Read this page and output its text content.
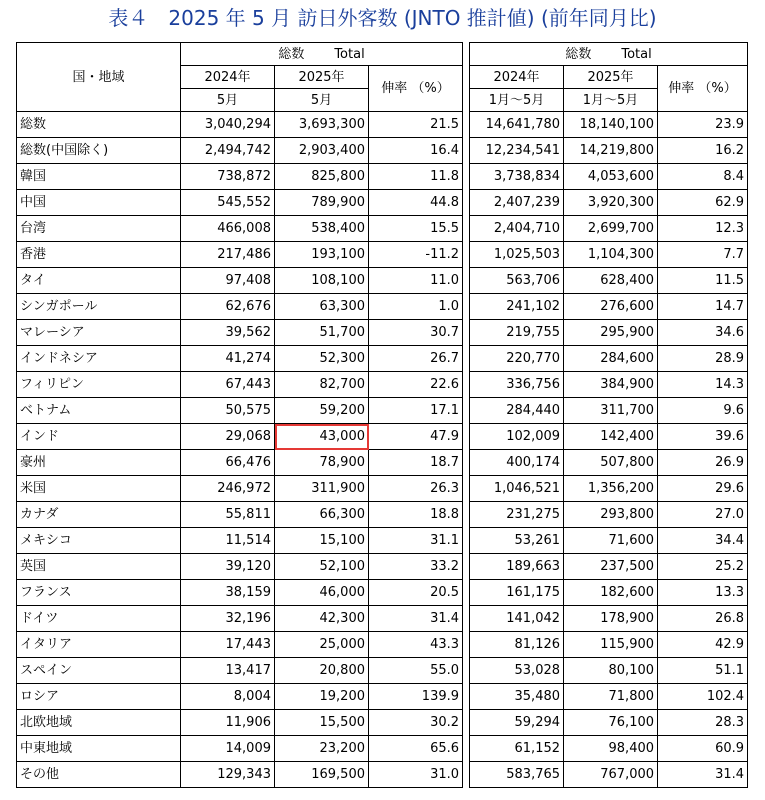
表４　2025 年 5 月 訪日外客数 (JNTO 推計値) (前年同月比)
国・地域	総数 Total				総数 Total		
	2024年	2025年	伸率 （%）		2024年	2025年	伸率 （%）
	5月	5月			1月～5月	1月～5月	
総数	3,040,294	3,693,300	21.5		14,641,780	18,140,100	23.9
総数(中国除く)	2,494,742	2,903,400	16.4		12,234,541	14,219,800	16.2
韓国	738,872	825,800	11.8		3,738,834	4,053,600	8.4
中国	545,552	789,900	44.8		2,407,239	3,920,300	62.9
台湾	466,008	538,400	15.5		2,404,710	2,699,700	12.3
香港	217,486	193,100	-11.2		1,025,503	1,104,300	7.7
タイ	97,408	108,100	11.0		563,706	628,400	11.5
シンガポール	62,676	63,300	1.0		241,102	276,600	14.7
マレーシア	39,562	51,700	30.7		219,755	295,900	34.6
インドネシア	41,274	52,300	26.7		220,770	284,600	28.9
フィリピン	67,443	82,700	22.6		336,756	384,900	14.3
ベトナム	50,575	59,200	17.1		284,440	311,700	9.6
インド	29,068	43,000	47.9		102,009	142,400	39.6
豪州	66,476	78,900	18.7		400,174	507,800	26.9
米国	246,972	311,900	26.3		1,046,521	1,356,200	29.6
カナダ	55,811	66,300	18.8		231,275	293,800	27.0
メキシコ	11,514	15,100	31.1		53,261	71,600	34.4
英国	39,120	52,100	33.2		189,663	237,500	25.2
フランス	38,159	46,000	20.5		161,175	182,600	13.3
ドイツ	32,196	42,300	31.4		141,042	178,900	26.8
イタリア	17,443	25,000	43.3		81,126	115,900	42.9
スペイン	13,417	20,800	55.0		53,028	80,100	51.1
ロシア	8,004	19,200	139.9		35,480	71,800	102.4
北欧地域	11,906	15,500	30.2		59,294	76,100	28.3
中東地域	14,009	23,200	65.6		61,152	98,400	60.9
その他	129,343	169,500	31.0		583,765	767,000	31.4
